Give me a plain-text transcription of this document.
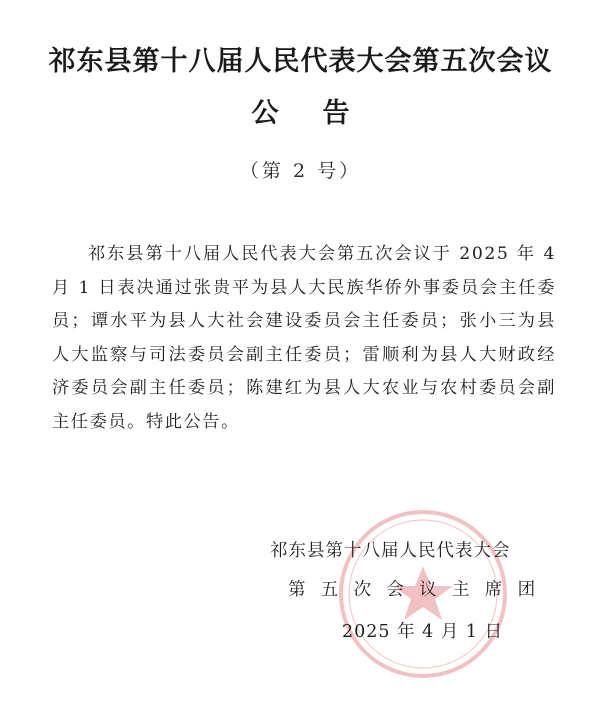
祁东县第十八届人民代表大会第五次会议
公告
（第 2 号）

祁东县第十八届人民代表大会第五次会议于 2025 年 4 月 1 日表决通过张贵平为县人大民族华侨外事委员会主任委员；谭水平为县人大社会建设委员会主任委员；张小三为县人大监察与司法委员会副主任委员；雷顺利为县人大财政经济委员会副主任委员；陈建红为县人大农业与农村委员会副主任委员。特此公告。

祁东县第十八届人民代表大会
第五次会议主席团
2025 年 4 月 1 日
